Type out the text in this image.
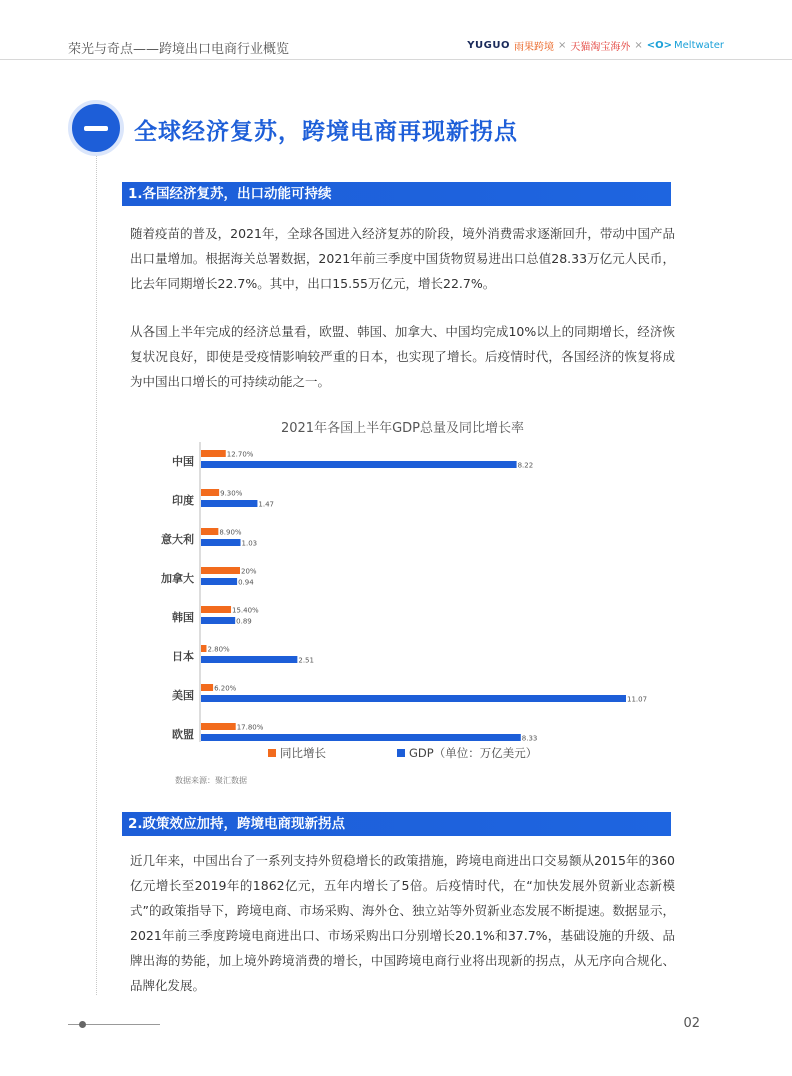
荣光与奇点——跨境出口电商行业概览	YUGUO 雨果跨境 × 天猫淘宝海外 × <O> Meltwater
全球经济复苏，跨境电商再现新拐点
1.各国经济复苏，出口动能可持续
随着疫苗的普及，2021年，全球各国进入经济复苏的阶段，境外消费需求逐渐回升，带动中国产品出口量增加。根据海关总署数据，2021年前三季度中国货物贸易进出口总值28.33万亿元人民币，比去年同期增长22.7%。其中，出口15.55万亿元，增长22.7%。
从各国上半年完成的经济总量看，欧盟、韩国、加拿大、中国均完成10%以上的同期增长，经济恢复状况良好，即使是受疫情影响较严重的日本，也实现了增长。后疫情时代，各国经济的恢复将成为中国出口增长的可持续动能之一。
2021年各国上半年GDP总量及同比增长率
中国
12.70%
8.22
印度
9.30%
1.47
意大利
8.90%
1.03
加拿大
20%
0.94
韩国
15.40%
0.89
日本
2.80%
2.51
美国
6.20%
11.07
欧盟
17.80%
8.33
同比增长	GDP（单位：万亿美元）
数据来源：聚汇数据
2.政策效应加持，跨境电商现新拐点
近几年来，中国出台了一系列支持外贸稳增长的政策措施，跨境电商进出口交易额从2015年的360亿元增长至2019年的1862亿元，五年内增长了5倍。后疫情时代，在“加快发展外贸新业态新模式”的政策指导下，跨境电商、市场采购、海外仓、独立站等外贸新业态发展不断提速。数据显示，2021年前三季度跨境电商进出口、市场采购出口分别增长20.1%和37.7%，基础设施的升级、品牌出海的势能，加上境外跨境消费的增长，中国跨境电商行业将出现新的拐点，从无序向合规化、品牌化发展。
02
